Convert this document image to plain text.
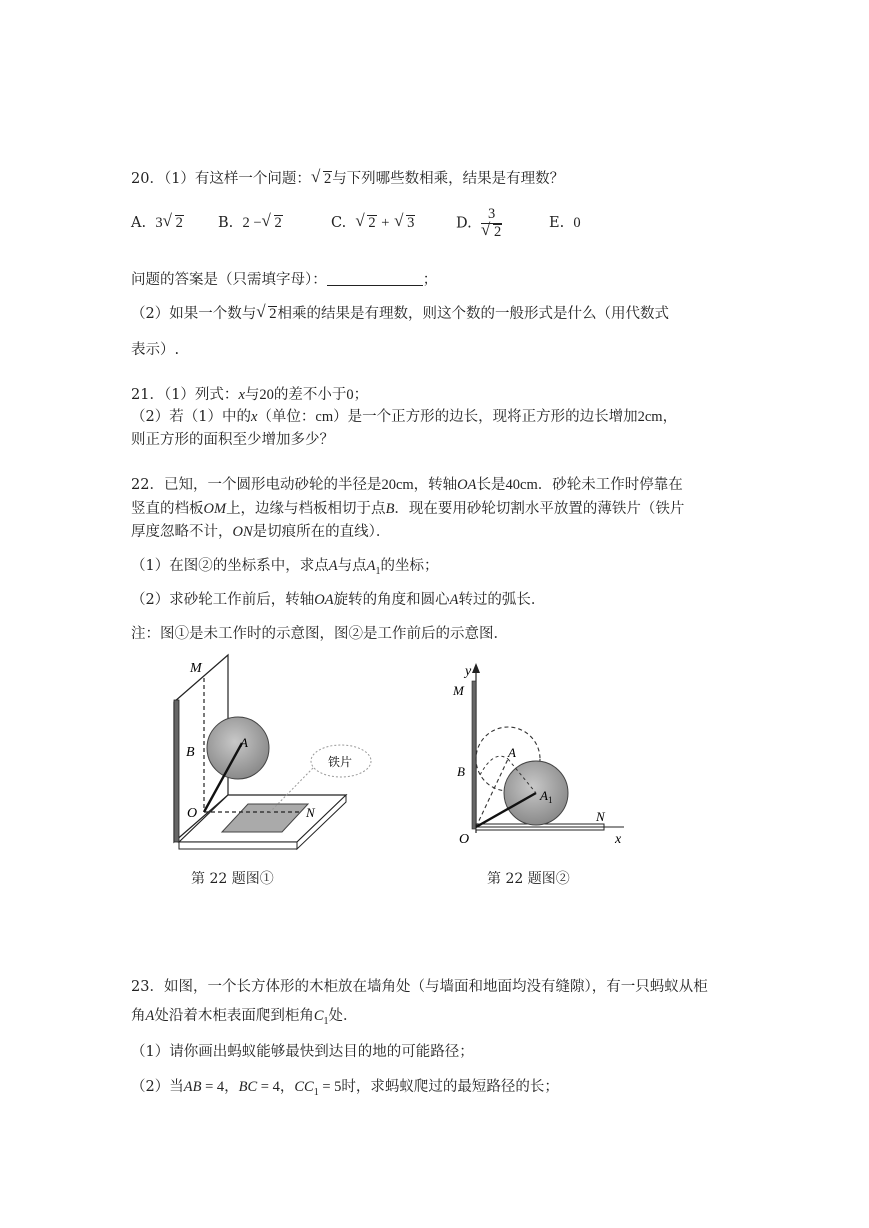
20．（1）有这样一个问题： √ 2与下列哪些数相乘，结果是有理数？
A. 3 √ 2 B. 2 − √ 2	C. √ 2 + √ 3	D. $\frac{3}{√ 2}$	E. 0
问题的答案是（只需填字母）：	；
（2）如果一个数与 √ 2相乘的结果是有理数，则这个数的一般形式是什么（用代数式
表示）.
21．（1）列式：x与20的差不小于0；
（2）若（1）中的x（单位：cm）是一个正方形的边长，现将正方形的边长增加2cm，
则正方形的面积至少增加多少？
22．已知，一个圆形电动砂轮的半径是20cm，转轴OA长是40cm．砂轮未工作时停靠在
竖直的档板OM上，边缘与档板相切于点B．现在要用砂轮切割水平放置的薄铁片（铁片
厚度忽略不计，ON是切痕所在的直线）．
（1）在图②的坐标系中，求点A与点$A_1$的坐标；
（2）求砂轮工作前后，转轴OA旋转的角度和圆心A转过的弧长．
注：图①是未工作时的示意图，图②是工作前后的示意图．
M
B
A
O	N
铁片
第 22 题图①
y
M
B
A
$A_1$
O
N
x
第 22 题图②
23．如图，一个长方体形的木柜放在墙角处（与墙面和地面均没有缝隙），有一只蚂蚁从柜
角A处沿着木柜表面爬到柜角$C_1$处．
（1）请你画出蚂蚁能够最快到达目的地的可能路径；
（2）当AB = 4，BC = 4，$CC_1 = 5$时，求蚂蚁爬过的最短路径的长；
